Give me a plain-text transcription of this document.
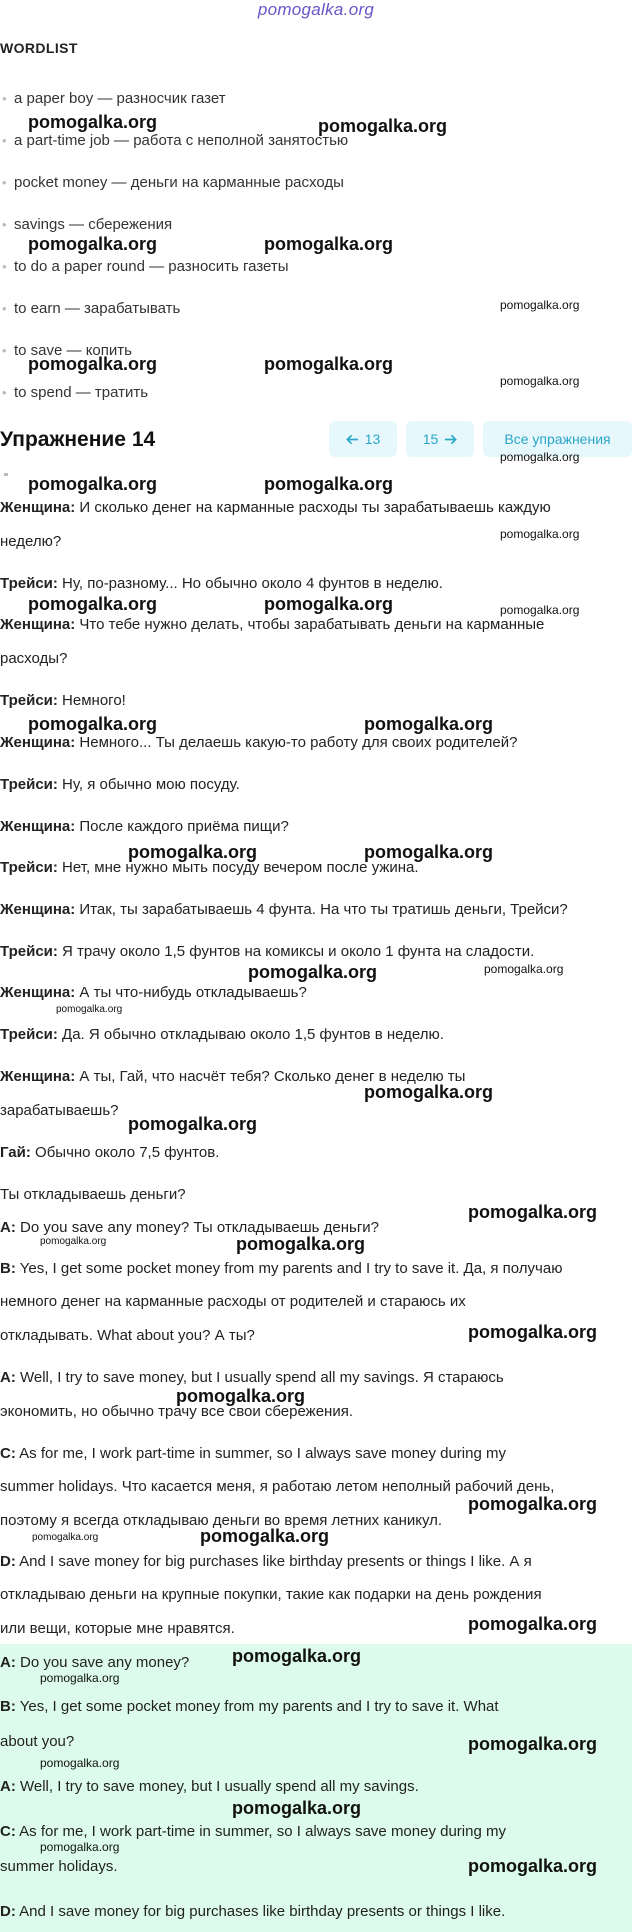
pomogalka.org
WORDLIST
• a paper boy — разносчик газет
• a part-time job — работа с неполной занятостью
• pocket money — деньги на карманные расходы
• savings — сбережения
• to do a paper round — разносить газеты
• to earn — зарабатывать
• to save — копить
• to spend — тратить
Упражнение 14	13	15	Все упражнения
Женщина: И сколько денег на карманные расходы ты зарабатываешь каждую
неделю?
Трейси: Ну, по-разному... Но обычно около 4 фунтов в неделю.
Женщина: Что тебе нужно делать, чтобы зарабатывать деньги на карманные
расходы?
Трейси: Немного!
Женщина: Немного... Ты делаешь какую-то работу для своих родителей?
Трейси: Ну, я обычно мою посуду.
Женщина: После каждого приёма пищи?
Трейси: Нет, мне нужно мыть посуду вечером после ужина.
Женщина: Итак, ты зарабатываешь 4 фунта. На что ты тратишь деньги, Трейси?
Трейси: Я трачу около 1,5 фунтов на комиксы и около 1 фунта на сладости.
Женщина: А ты что-нибудь откладываешь?
Трейси: Да. Я обычно откладываю около 1,5 фунтов в неделю.
Женщина: А ты, Гай, что насчёт тебя? Сколько денег в неделю ты
зарабатываешь?
Гай: Обычно около 7,5 фунтов.
Ты откладываешь деньги?
A: Do you save any money? Ты откладываешь деньги?
B: Yes, I get some pocket money from my parents and I try to save it. Да, я получаю
немного денег на карманные расходы от родителей и стараюсь их
откладывать. What about you? А ты?
A: Well, I try to save money, but I usually spend all my savings. Я стараюсь
экономить, но обычно трачу все свои сбережения.
C: As for me, I work part-time in summer, so I always save money during my
summer holidays. Что касается меня, я работаю летом неполный рабочий день,
поэтому я всегда откладываю деньги во время летних каникул.
D: And I save money for big purchases like birthday presents or things I like. А я
откладываю деньги на крупные покупки, такие как подарки на день рождения
или вещи, которые мне нравятся.
A: Do you save any money?
B: Yes, I get some pocket money from my parents and I try to save it. What
about you?
A: Well, I try to save money, but I usually spend all my savings.
C: As for me, I work part-time in summer, so I always save money during my
summer holidays.
D: And I save money for big purchases like birthday presents or things I like.
pomogalka.org	pomogalka.org
pomogalka.org	pomogalka.org
pomogalka.org
pomogalka.org	pomogalka.org
pomogalka.org
pomogalka.org
pomogalka.org	pomogalka.org
pomogalka.org
pomogalka.org	pomogalka.org	pomogalka.org
pomogalka.org	pomogalka.org
pomogalka.org	pomogalka.org
pomogalka.org	pomogalka.org
pomogalka.org
pomogalka.org
pomogalka.org
pomogalka.org
pomogalka.org	pomogalka.org
pomogalka.org
pomogalka.org
pomogalka.org
pomogalka.org	pomogalka.org
pomogalka.org
pomogalka.org
pomogalka.org
pomogalka.org
pomogalka.org
pomogalka.org
pomogalka.org
pomogalka.org
